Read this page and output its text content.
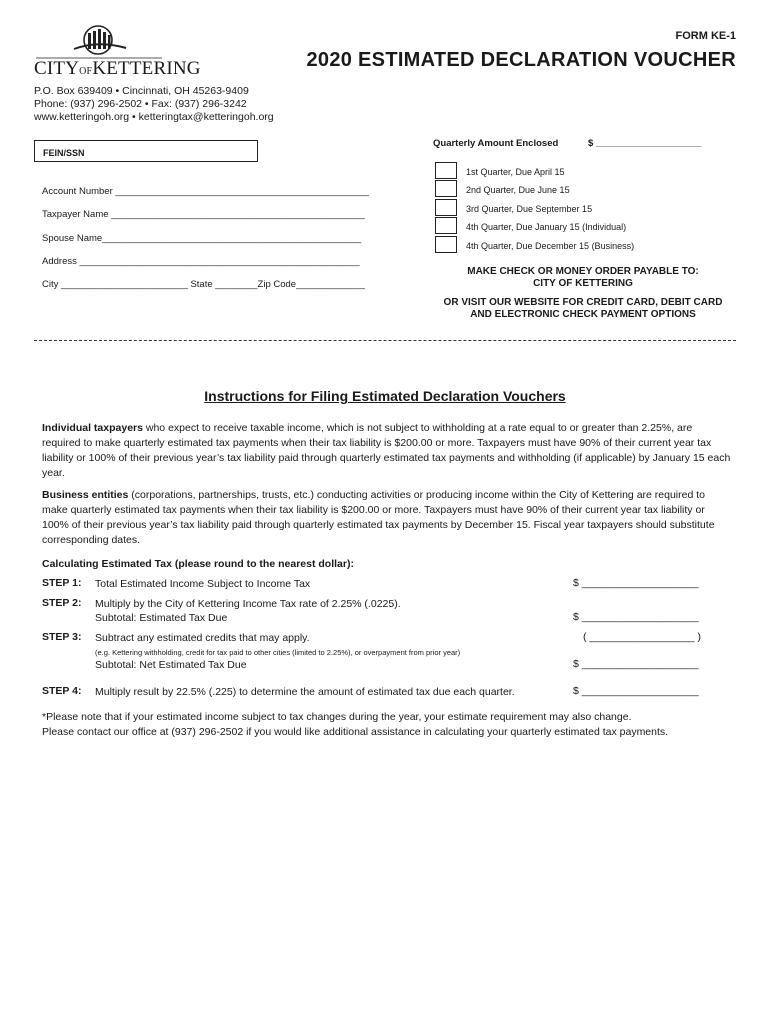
CITYOFKETTERING
FORM KE-1
2020 ESTIMATED DECLARATION VOUCHER
P.O. Box 639409 • Cincinnati, OH 45263-9409
Phone: (937) 296-2502 • Fax: (937) 296-3242
www.ketteringoh.org • ketteringtax@ketteringoh.org
FEIN/SSN
Account Number ________________________________________________
Taxpayer Name ________________________________________________
Spouse Name_________________________________________________
Address _____________________________________________________
City ________________________ State ________Zip Code_____________
Quarterly Amount Enclosed	$ ____________________
1st Quarter, Due April 15
2nd Quarter, Due June 15
3rd Quarter, Due September 15
4th Quarter, Due January 15 (Individual)
4th Quarter, Due December 15 (Business)
MAKE CHECK OR MONEY ORDER PAYABLE TO:
CITY OF KETTERING
OR VISIT OUR WEBSITE FOR CREDIT CARD, DEBIT CARD
AND ELECTRONIC CHECK PAYMENT OPTIONS
Instructions for Filing Estimated Declaration Vouchers
Individual taxpayers who expect to receive taxable income, which is not subject to withholding at a rate equal to or greater than 2.25%, are required to make quarterly estimated tax payments when their tax liability is $200.00 or more. Taxpayers must have 90% of their current year tax liability or 100% of their previous year’s tax liability paid through quarterly estimated tax payments and withholding (if applicable) by January 15 each year.
Business entities (corporations, partnerships, trusts, etc.) conducting activities or producing income within the City of Kettering are required to make quarterly estimated tax payments when their tax liability is $200.00 or more. Taxpayers must have 90% of their current year tax liability or 100% of their previous year’s tax liability paid through quarterly estimated tax payments by December 15. Fiscal year taxpayers should substitute corresponding dates.
Calculating Estimated Tax (please round to the nearest dollar):
STEP 1: Total Estimated Income Subject to Income Tax	$ ____________________
STEP 2: Multiply by the City of Kettering Income Tax rate of 2.25% (.0225).
Subtotal: Estimated Tax Due	$ ____________________
STEP 3: Subtract any estimated credits that may apply.	( __________________ )
(e.g. Kettering withholding, credit for tax paid to other cities (limited to 2.25%), or overpayment from prior year)
Subtotal: Net Estimated Tax Due	$ ____________________
STEP 4: Multiply result by 22.5% (.225) to determine the amount of estimated tax due each quarter.	$ ____________________
*Please note that if your estimated income subject to tax changes during the year, your estimate requirement may also change.
Please contact our office at (937) 296-2502 if you would like additional assistance in calculating your quarterly estimated tax payments.
